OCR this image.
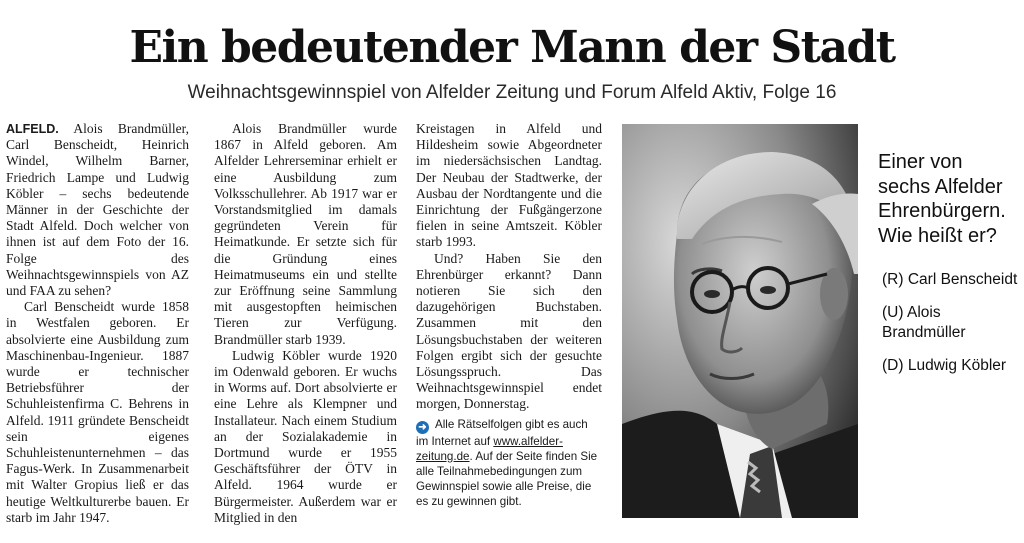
Ein bedeutender Mann der Stadt
Weihnachtsgewinnspiel von Alfelder Zeitung und Forum Alfeld Aktiv, Folge 16

ALFELD. Alois Brandmüller, Carl Benscheidt, Heinrich Windel, Wilhelm Barner, Friedrich Lampe und Ludwig Köbler – sechs bedeutende Männer in der Geschichte der Stadt Alfeld. Doch welcher von ihnen ist auf dem Foto der 16. Folge des Weihnachtsgewinnspiels von AZ und FAA zu sehen?

Carl Benscheidt wurde 1858 in Westfalen geboren. Er absolvierte eine Ausbildung zum Maschinenbau-Ingenieur. 1887 wurde er technischer Betriebsführer der Schuhleistenfirma C. Behrens in Alfeld. 1911 gründete Benscheidt sein eigenes Schuhleistenunternehmen – das Fagus-Werk. In Zusammenarbeit mit Walter Gropius ließ er das heutige Weltkulturerbe bauen. Er starb im Jahr 1947.

Alois Brandmüller wurde 1867 in Alfeld geboren. Am Alfelder Lehrerseminar erhielt er eine Ausbildung zum Volksschullehrer. Ab 1917 war er Vorstandsmitglied im damals gegründeten Verein für Heimatkunde. Er setzte sich für die Gründung eines Heimatmuseums ein und stellte zur Eröffnung seine Sammlung mit ausgestopften heimischen Tieren zur Verfügung. Brandmüller starb 1939.

Ludwig Köbler wurde 1920 im Odenwald geboren. Er wuchs in Worms auf. Dort absolvierte er eine Lehre als Klempner und Installateur. Nach einem Studium an der Sozialakademie in Dortmund wurde er 1955 Geschäftsführer der ÖTV in Alfeld. 1964 wurde er Bürgermeister. Außerdem war er Mitglied in den

Kreistagen in Alfeld und Hildesheim sowie Abgeordneter im niedersächsischen Landtag. Der Neubau der Stadtwerke, der Ausbau der Nordtangente und die Einrichtung der Fußgängerzone fielen in seine Amtszeit. Köbler starb 1993.

Und? Haben Sie den Ehrenbürger erkannt? Dann notieren Sie sich den dazugehörigen Buchstaben. Zusammen mit den Lösungsbuchstaben der weiteren Folgen ergibt sich der gesuchte Lösungsspruch. Das Weihnachtsgewinnspiel endet morgen, Donnerstag.

➜ Alle Rätselfolgen gibt es auch im Internet auf www.alfelder-zeitung.de. Auf der Seite finden Sie alle Teilnahmebedingungen zum Gewinnspiel sowie alle Preise, die es zu gewinnen gibt.
Einer von sechs Alfelder Ehrenbürgern. Wie heißt er?
(R) Carl Benscheidt
(U) Alois Brandmüller
(D) Ludwig Köbler
